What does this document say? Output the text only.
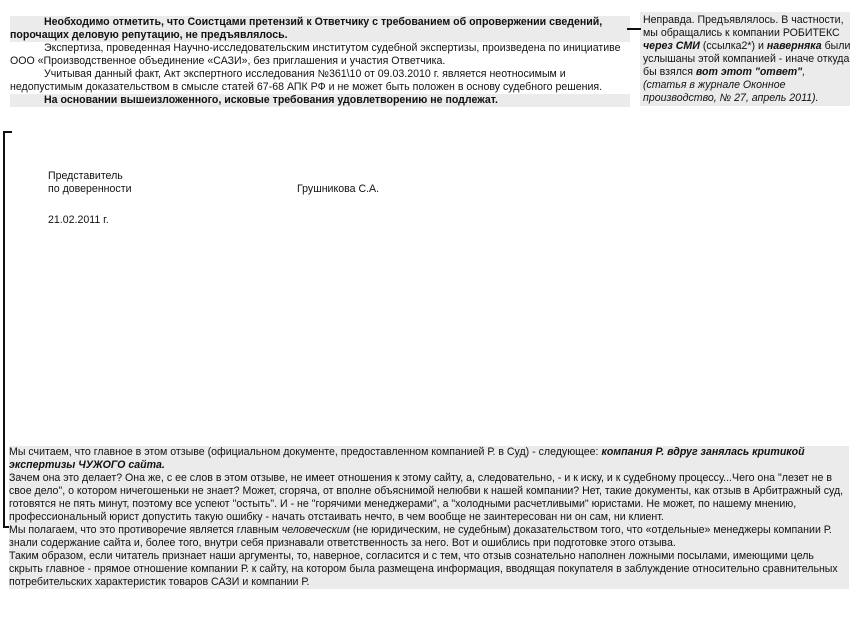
Необходимо отметить, что Соистцами претензий к Ответчику с требованием об опровержении сведений, порочащих деловую репутацию, не предъявлялось.

Экспертиза, проведенная Научно-исследовательским институтом судебной экспертизы, произведена по инициативе ООО «Производственное объединение «САЗИ», без приглашения и участия Ответчика.

Учитывая данный факт, Акт экспертного исследования №361\10 от 09.03.2010 г. является неотносимым и недопустимым доказательством в смысле статей 67-68 АПК РФ и не может быть положен в основу судебного решения.

На основании вышеизложенного, исковые требования удовлетворению не подлежат.

Представитель
по доверенности	Грушникова С.А.
21.02.2011 г.
Неправда. Предъявлялось. В частности, мы обращались к компании РОБИТЕКС через СМИ (ссылка2*) и наверняка были услышаны этой компанией - иначе откуда бы взялся вот этот "ответ", (статья в журнале Оконное производство, № 27, апрель 2011).
Мы считаем, что главное в этом отзыве (официальном документе, предоставленном компанией Р. в Суд) - следующее: компания Р. вдруг занялась критикой экспертизы ЧУЖОГО сайта.
Зачем она это делает? Она же, с ее слов в этом отзыве, не имеет отношения к этому сайту, а, следовательно, - и к иску, и к судебному процессу...Чего она "лезет не в свое дело", о котором ничегошеньки не знает? Может, сгоряча, от вполне объяснимой нелюбви к нашей компании? Нет, такие документы, как отзыв в Арбитражный суд, готовятся не пять минут, поэтому все успеют "остыть". И - не "горячими менеджерами", а "холодными расчетливыми" юристами. Не может, по нашему мнению, профессиональный юрист допустить такую ошибку - начать отстаивать нечто, в чем вообще не заинтересован ни он сам, ни клиент.
Мы полагаем, что это противоречие является главным человеческим (не юридическим, не судебным) доказательством того, что «отдельные» менеджеры компании Р. знали содержание сайта и, более того, внутри себя признавали ответственность за него. Вот и ошиблись при подготовке этого отзыва.
Таким образом, если читатель признает наши аргументы, то, наверное, согласится и с тем, что отзыв сознательно наполнен ложными посылами, имеющими цель скрыть главное - прямое отношение компании Р. к сайту, на котором была размещена информация, вводящая покупателя в заблуждение относительно сравнительных потребительских характеристик товаров САЗИ и компании Р.
